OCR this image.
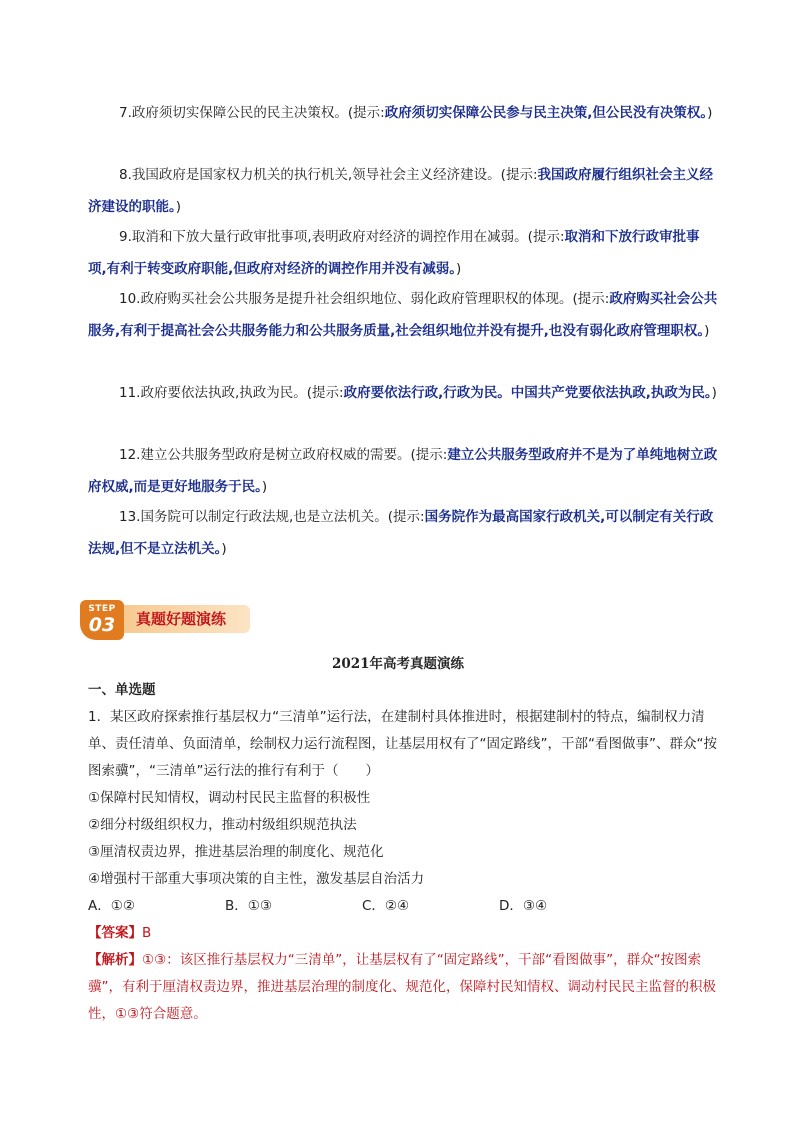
7.政府须切实保障公民的民主决策权。(提示:政府须切实保障公民参与民主决策,但公民没有决策权。)

8.我国政府是国家权力机关的执行机关,领导社会主义经济建设。(提示:我国政府履行组织社会主义经济建设的职能。)

9.取消和下放大量行政审批事项,表明政府对经济的调控作用在减弱。(提示:取消和下放行政审批事项,有利于转变政府职能,但政府对经济的调控作用并没有减弱。)

10.政府购买社会公共服务是提升社会组织地位、弱化政府管理职权的体现。(提示:政府购买社会公共服务,有利于提高社会公共服务能力和公共服务质量,社会组织地位并没有提升,也没有弱化政府管理职权。)

11.政府要依法执政,执政为民。(提示:政府要依法行政,行政为民。中国共产党要依法执政,执政为民。)

12.建立公共服务型政府是树立政府权威的需要。(提示:建立公共服务型政府并不是为了单纯地树立政府权威,而是更好地服务于民。)

13.国务院可以制定行政法规,也是立法机关。(提示:国务院作为最高国家行政机关,可以制定有关行政法规,但不是立法机关。)

真题好题演练
STEP
03
2021年高考真题演练

一、单选题

1．某区政府探索推行基层权力“三清单”运行法，在建制村具体推进时，根据建制村的特点，编制权力清单、责任清单、负面清单，绘制权力运行流程图，让基层用权有了“固定路线”，干部“看图做事”、群众“按图索骥”，“三清单”运行法的推行有利于（　　）

①保障村民知情权，调动村民民主监督的积极性

②细分村级组织权力，推动村级组织规范执法

③厘清权责边界，推进基层治理的制度化、规范化

④增强村干部重大事项决策的自主性，激发基层自治活力

A．①②	B．①③	C．②④	D．③④

【答案】B

【解析】①③：该区推行基层权力“三清单”，让基层权有了“固定路线”，干部“看图做事”，群众“按图索骥”，有利于厘清权责边界，推进基层治理的制度化、规范化，保障村民知情权、调动村民民主监督的积极性，①③符合题意。
